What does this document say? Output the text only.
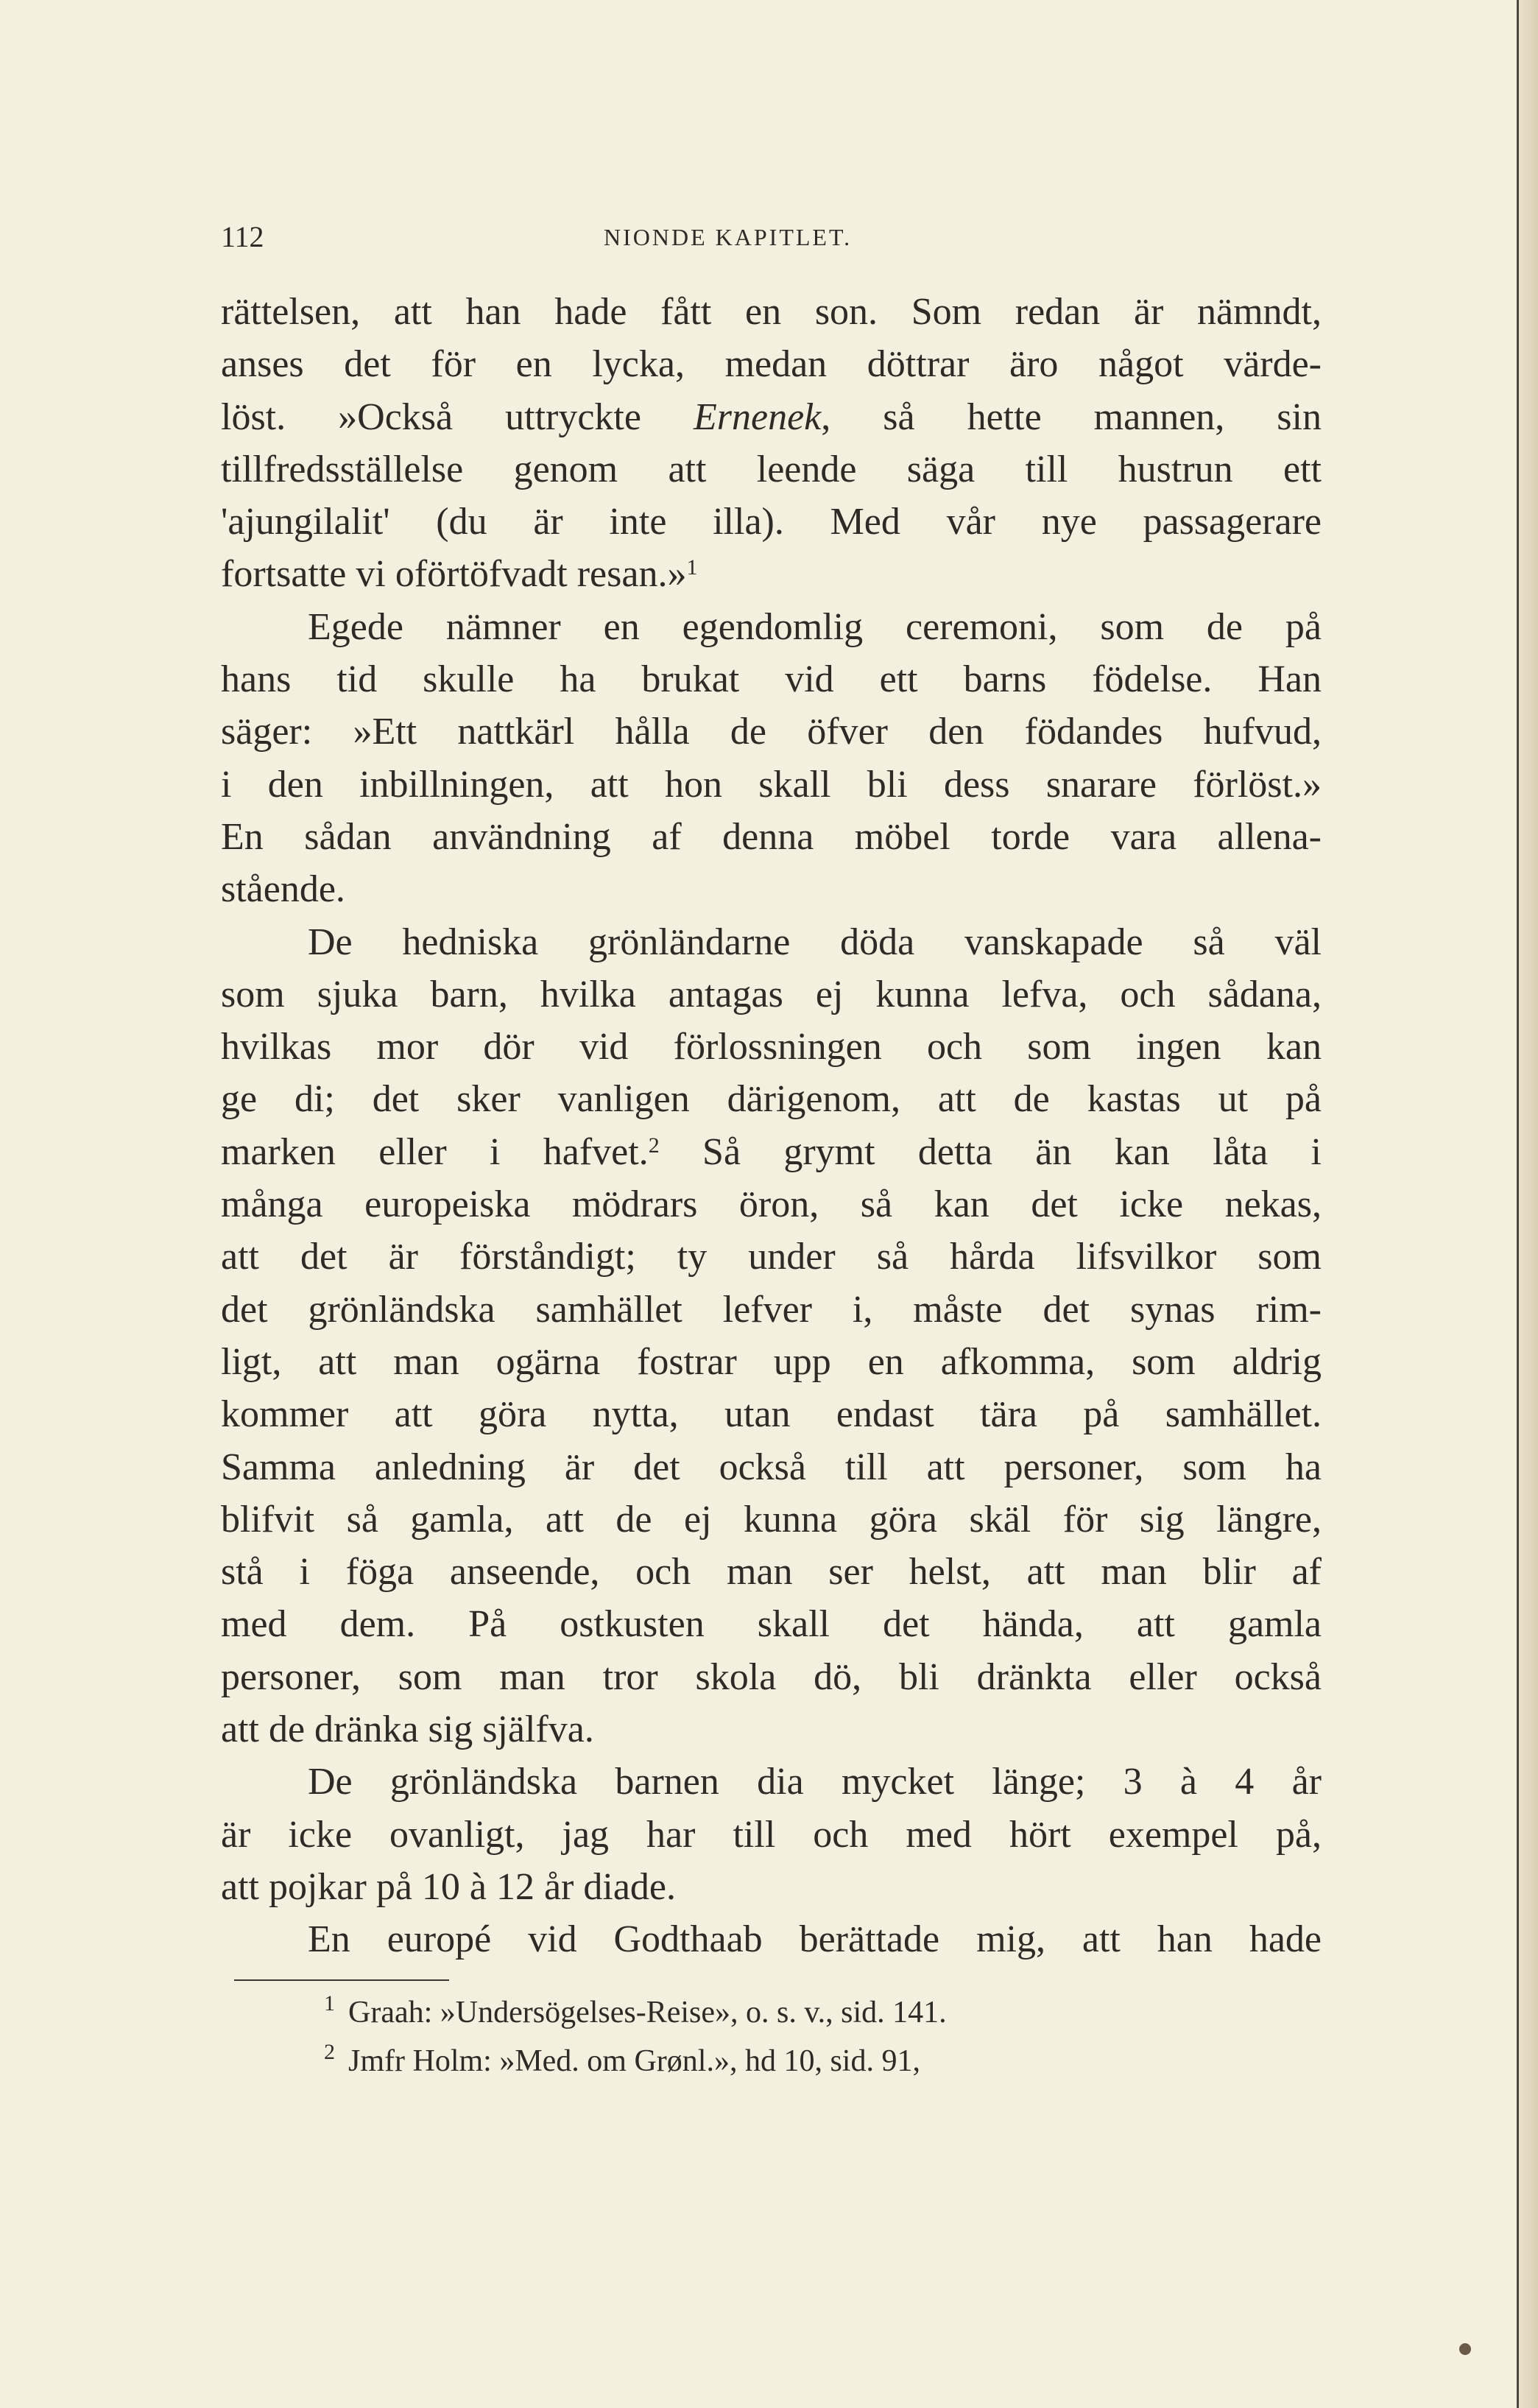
112	NIONDE KAPITLET.
rättelsen, att han hade fått en son. Som redan är nämndt,
anses det för en lycka, medan döttrar äro något värde-
löst. »Också uttryckte Ernenek, så hette mannen, sin
tillfredsställelse genom att leende säga till hustrun ett
'ajungilalit' (du är inte illa). Med vår nye passagerare
fortsatte vi oförtöfvadt resan.»$^1$
Egede nämner en egendomlig ceremoni, som de på
hans tid skulle ha brukat vid ett barns födelse. Han
säger: »Ett nattkärl hålla de öfver den födandes hufvud,
i den inbillningen, att hon skall bli dess snarare förlöst.»
En sådan användning af denna möbel torde vara allena-
stående.
De hedniska grönländarne döda vanskapade så väl
som sjuka barn, hvilka antagas ej kunna lefva, och sådana,
hvilkas mor dör vid förlossningen och som ingen kan
ge di; det sker vanligen därigenom, att de kastas ut på
marken eller i hafvet.$^2$ Så grymt detta än kan låta i
många europeiska mödrars öron, så kan det icke nekas,
att det är förståndigt; ty under så hårda lifsvilkor som
det grönländska samhället lefver i, måste det synas rim-
ligt, att man ogärna fostrar upp en afkomma, som aldrig
kommer att göra nytta, utan endast tära på samhället.
Samma anledning är det också till att personer, som ha
blifvit så gamla, att de ej kunna göra skäl för sig längre,
stå i föga anseende, och man ser helst, att man blir af
med dem. På ostkusten skall det hända, att gamla
personer, som man tror skola dö, bli dränkta eller också
att de dränka sig själfva.
De grönländska barnen dia mycket länge; 3 à 4 år
är icke ovanligt, jag har till och med hört exempel på,
att pojkar på 10 à 12 år diade.
En europé vid Godthaab berättade mig, att han hade
$^1$ Graah: »Undersögelses-Reise», o. s. v., sid. 141.
$^2$ Jmfr Holm: »Med. om Grønl.», hd 10, sid. 91,
